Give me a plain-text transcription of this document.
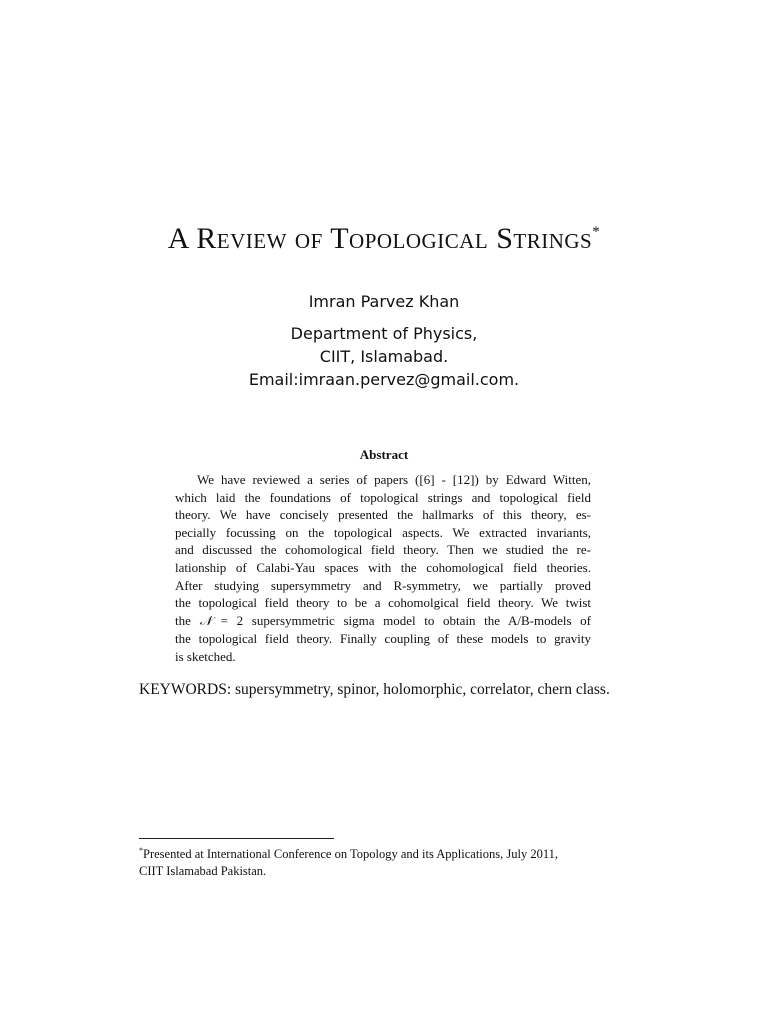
A Review of Topological Strings*
Imran Parvez Khan
Department of Physics,
CIIT, Islamabad.
Email:imraan.pervez@gmail.com.
Abstract
We have reviewed a series of papers ([6] - [12]) by Edward Witten,
which laid the foundations of topological strings and topological field
theory. We have concisely presented the hallmarks of this theory, es-
pecially focussing on the topological aspects. We extracted invariants,
and discussed the cohomological field theory. Then we studied the re-
lationship of Calabi-Yau spaces with the cohomological field theories.
After studying supersymmetry and R-symmetry, we partially proved
the topological field theory to be a cohomolgical field theory. We twist
the 𝒩 = 2 supersymmetric sigma model to obtain the A/B-models of
the topological field theory. Finally coupling of these models to gravity
is sketched.
KEYWORDS: supersymmetry, spinor, holomorphic, correlator, chern class.
*Presented at International Conference on Topology and its Applications, July 2011,
CIIT Islamabad Pakistan.
